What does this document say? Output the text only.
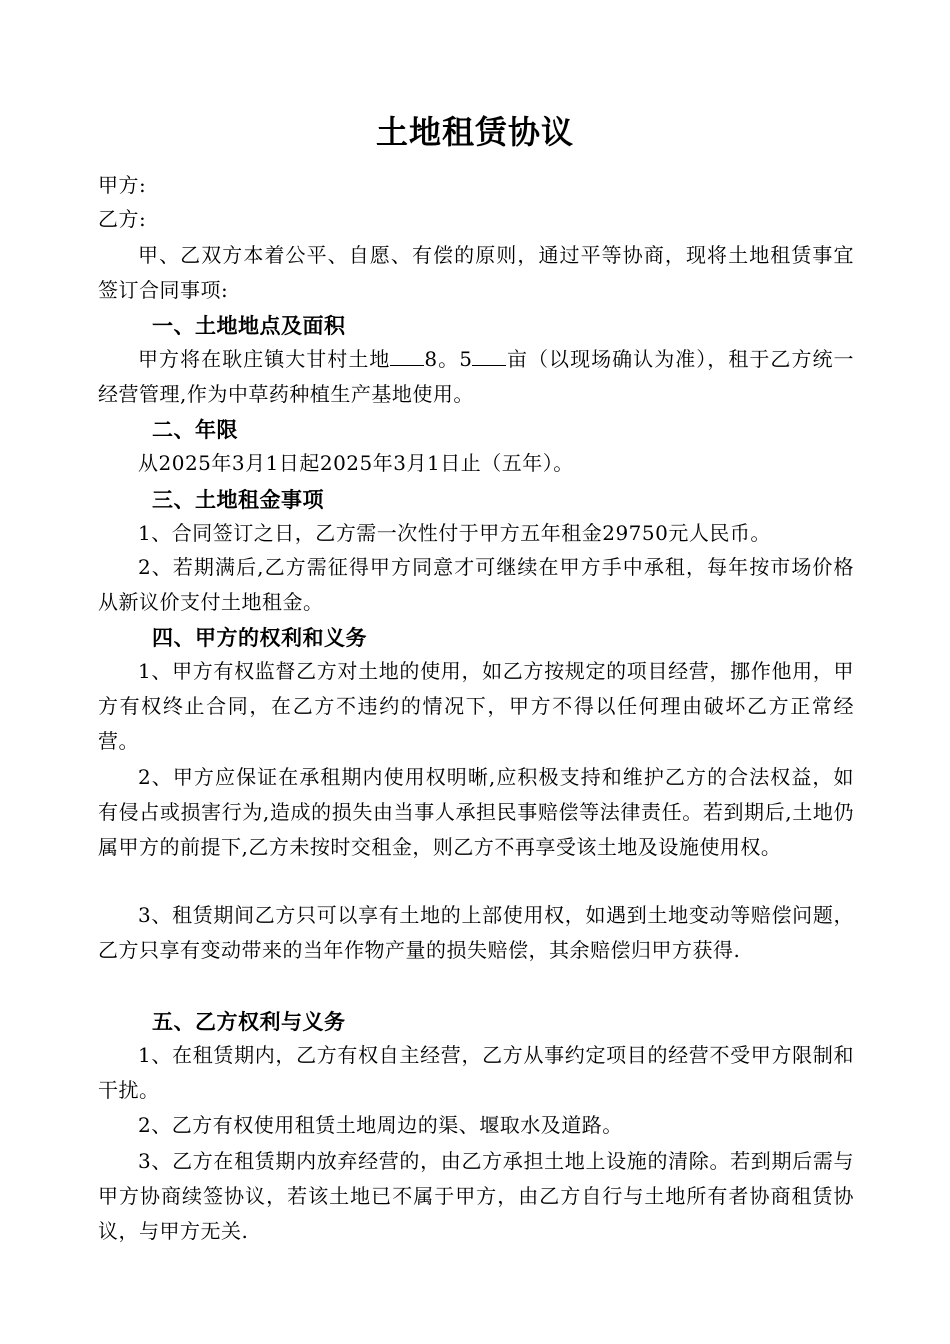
土地租赁协议
甲方:
乙方:
甲、乙双方本着公平、自愿、有偿的原则，通过平等协商，现将土地租赁事宜签订合同事项:
一、土地地点及面积
甲方将在耿庄镇大甘村土地 8。5 亩（以现场确认为准），租于乙方统一经营管理,作为中草药种植生产基地使用。
二、年限
从2025年3月1日起2025年3月1日止（五年）。
三、土地租金事项
1、合同签订之日，乙方需一次性付于甲方五年租金29750元人民币。
2、若期满后,乙方需征得甲方同意才可继续在甲方手中承租，每年按市场价格从新议价支付土地租金。
四、甲方的权利和义务
1、甲方有权监督乙方对土地的使用，如乙方按规定的项目经营，挪作他用，甲方有权终止合同，在乙方不违约的情况下，甲方不得以任何理由破坏乙方正常经营。
2、甲方应保证在承租期内使用权明晰,应积极支持和维护乙方的合法权益，如有侵占或损害行为,造成的损失由当事人承担民事赔偿等法律责任。若到期后,土地仍属甲方的前提下,乙方未按时交租金，则乙方不再享受该土地及设施使用权。
3、租赁期间乙方只可以享有土地的上部使用权，如遇到土地变动等赔偿问题，乙方只享有变动带来的当年作物产量的损失赔偿，其余赔偿归甲方获得.
五、乙方权利与义务
1、在租赁期内，乙方有权自主经营，乙方从事约定项目的经营不受甲方限制和干扰。
2、乙方有权使用租赁土地周边的渠、堰取水及道路。
3、乙方在租赁期内放弃经营的，由乙方承担土地上设施的清除。若到期后需与甲方协商续签协议，若该土地已不属于甲方，由乙方自行与土地所有者协商租赁协议，与甲方无关.
